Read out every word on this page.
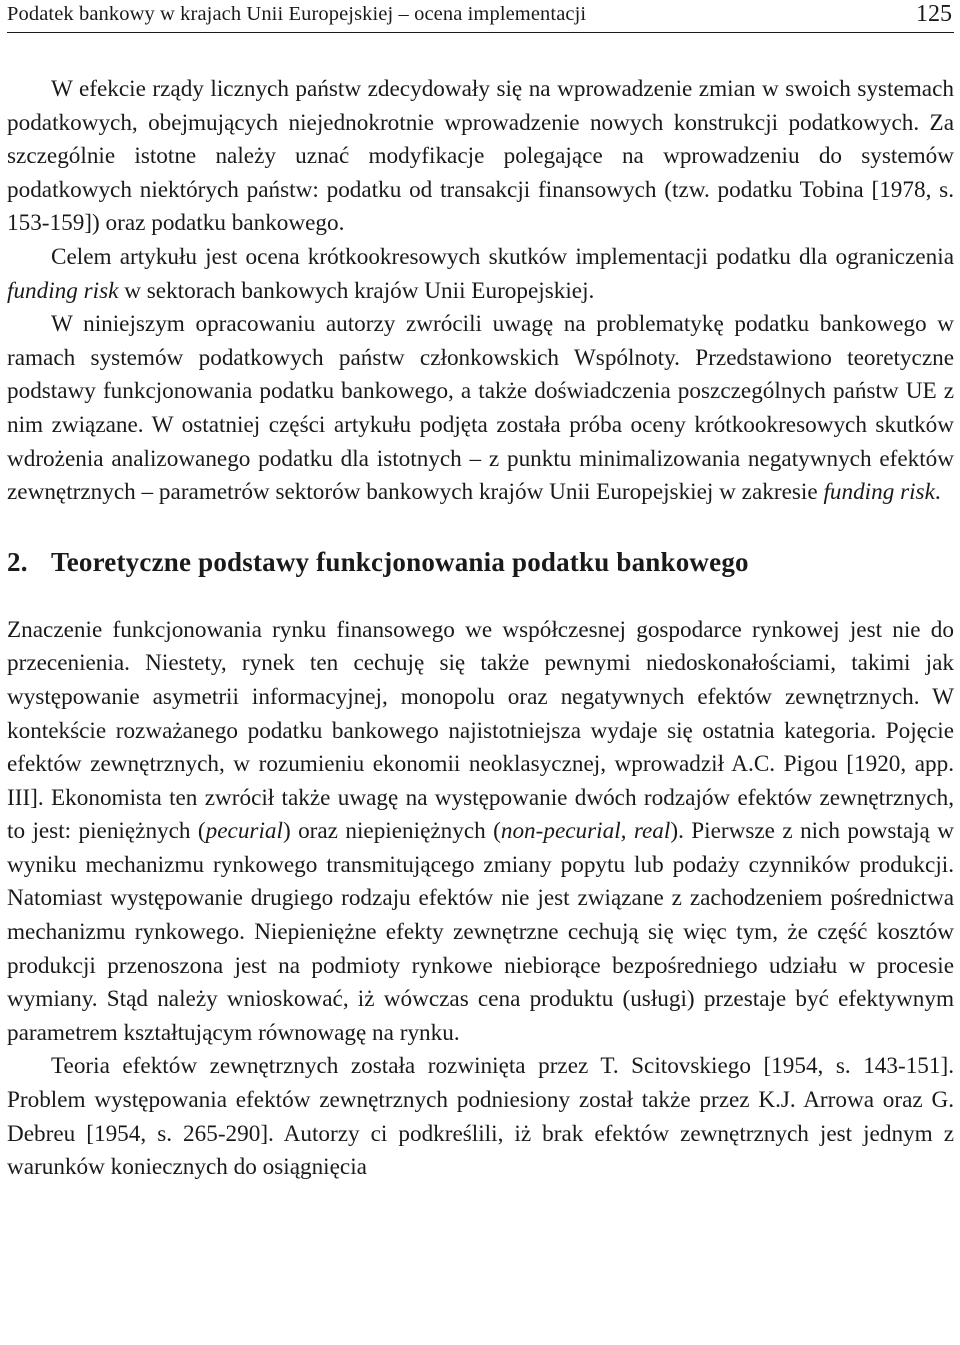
Podatek bankowy w krajach Unii Europejskiej – ocena implementacji	125

W efekcie rządy licznych państw zdecydowały się na wprowadzenie zmian w swoich systemach podatkowych, obejmujących niejednokrotnie wprowadzenie nowych konstrukcji podatkowych. Za szczególnie istotne należy uznać modyfikacje polegające na wprowadzeniu do systemów podatkowych niektórych państw: podatku od transakcji finansowych (tzw. podatku Tobina [1978, s. 153-159]) oraz podatku bankowego.

Celem artykułu jest ocena krótkookresowych skutków implementacji podatku dla ograniczenia funding risk w sektorach bankowych krajów Unii Europejskiej.

W niniejszym opracowaniu autorzy zwrócili uwagę na problematykę podatku bankowego w ramach systemów podatkowych państw członkowskich Wspólnoty. Przedstawiono teoretyczne podstawy funkcjonowania podatku bankowego, a także doświadczenia poszczególnych państw UE z nim związane. W ostatniej części artykułu podjęta została próba oceny krótkookresowych skutków wdrożenia analizowanego podatku dla istotnych – z punktu minimalizowania negatywnych efektów zewnętrznych – parametrów sektorów bankowych krajów Unii Europejskiej w zakresie funding risk.

2. Teoretyczne podstawy funkcjonowania podatku bankowego

Znaczenie funkcjonowania rynku finansowego we współczesnej gospodarce rynkowej jest nie do przecenienia. Niestety, rynek ten cechuję się także pewnymi niedoskonałościami, takimi jak występowanie asymetrii informacyjnej, monopolu oraz negatywnych efektów zewnętrznych. W kontekście rozważanego podatku bankowego najistotniejsza wydaje się ostatnia kategoria. Pojęcie efektów zewnętrznych, w rozumieniu ekonomii neoklasycznej, wprowadził A.C. Pigou [1920, app. III]. Ekonomista ten zwrócił także uwagę na występowanie dwóch rodzajów efektów zewnętrznych, to jest: pieniężnych (pecurial) oraz niepieniężnych (non-pecurial, real). Pierwsze z nich powstają w wyniku mechanizmu rynkowego transmitującego zmiany popytu lub podaży czynników produkcji. Natomiast występowanie drugiego rodzaju efektów nie jest związane z zachodzeniem pośrednictwa mechanizmu rynkowego. Niepieniężne efekty zewnętrzne cechują się więc tym, że część kosztów produkcji przenoszona jest na podmioty rynkowe niebiorące bezpośredniego udziału w procesie wymiany. Stąd należy wnioskować, iż wówczas cena produktu (usługi) przestaje być efektywnym parametrem kształtującym równowagę na rynku.

Teoria efektów zewnętrznych została rozwinięta przez T. Scitovskiego [1954, s. 143-151]. Problem występowania efektów zewnętrznych podniesiony został także przez K.J. Arrowa oraz G. Debreu [1954, s. 265-290]. Autorzy ci podkreślili, iż brak efektów zewnętrznych jest jednym z warunków koniecznych do osiągnięcia
